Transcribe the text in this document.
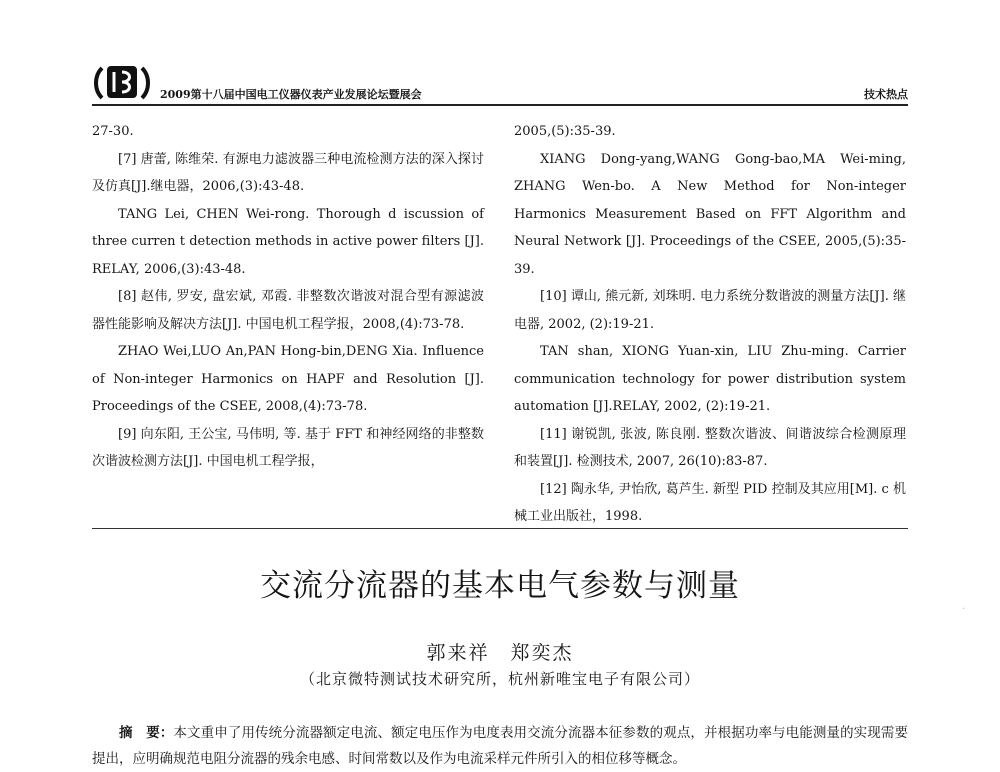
2009第十八届中国电工仪器仪表产业发展论坛暨展会	技术热点

27-30.

[7] 唐蕾, 陈维荣. 有源电力滤波器三种电流检测方法的深入探讨及仿真[J].继电器，2006,(3):43-48.

TANG Lei, CHEN Wei-rong. Thorough d iscussion of three curren t detection methods in active power filters [J]. RELAY, 2006,(3):43-48.

[8] 赵伟, 罗安, 盘宏斌, 邓霞. 非整数次谐波对混合型有源滤波器性能影响及解决方法[J]. 中国电机工程学报，2008,(4):73-78.

ZHAO Wei,LUO An,PAN Hong-bin,DENG Xia. Influence of Non-integer Harmonics on HAPF and Resolution [J]. Proceedings of the CSEE, 2008,(4):73-78.

[9] 向东阳, 王公宝, 马伟明, 等. 基于 FFT 和神经网络的非整数次谐波检测方法[J]. 中国电机工程学报，

2005,(5):35-39.

XIANG Dong-yang,WANG Gong-bao,MA Wei-ming, ZHANG Wen-bo. A New Method for Non-integer Harmonics Measurement Based on FFT Algorithm and Neural Network [J]. Proceedings of the CSEE, 2005,(5):35-39.

[10] 谭山, 熊元新, 刘珠明. 电力系统分数谐波的测量方法[J]. 继电器, 2002, (2):19-21.

TAN shan, XIONG Yuan-xin, LIU Zhu-ming. Carrier communication technology for power distribution system automation [J].RELAY, 2002, (2):19-21.

[11] 谢锐凯, 张波, 陈良刚. 整数次谐波、间谐波综合检测原理和装置[J]. 检测技术, 2007, 26(10):83-87.

[12] 陶永华, 尹怡欣, 葛芦生. 新型 PID 控制及其应用[M]. c 机械工业出版社，1998.

·
交流分流器的基本电气参数与测量
郭来祥　郑奕杰
（北京微特测试技术研究所，杭州新唯宝电子有限公司）
摘　要：本文重申了用传统分流器额定电流、额定电压作为电度表用交流分流器本征参数的观点，并根据功率与电能测量的实现需要提出，应明确规范电阻分流器的残余电感、时间常数以及作为电流采样元件所引入的相位移等概念。
